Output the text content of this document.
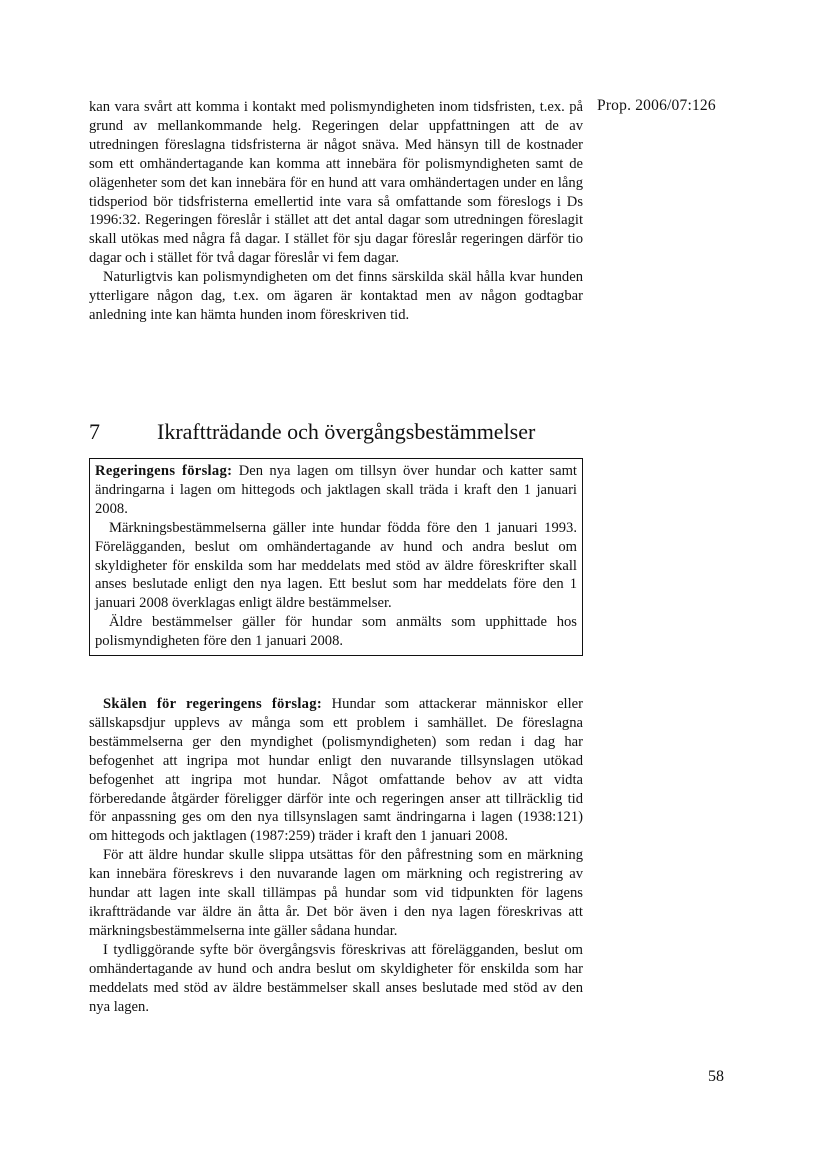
Prop. 2006/07:126

kan vara svårt att komma i kontakt med polismyndigheten inom tidsfristen, t.ex. på grund av mellankommande helg. Regeringen delar uppfattningen att de av utredningen föreslagna tidsfristerna är något snäva. Med hänsyn till de kostnader som ett omhändertagande kan komma att innebära för polismyndigheten samt de olägenheter som det kan innebära för en hund att vara omhändertagen under en lång tidsperiod bör tidsfristerna emellertid inte vara så omfattande som föreslogs i Ds 1996:32. Regeringen föreslår i stället att det antal dagar som utredningen föreslagit skall utökas med några få dagar. I stället för sju dagar föreslår regeringen därför tio dagar och i stället för två dagar föreslår vi fem dagar.

Naturligtvis kan polismyndigheten om det finns särskilda skäl hålla kvar hunden ytterligare någon dag, t.ex. om ägaren är kontaktad men av någon godtagbar anledning inte kan hämta hunden inom föreskriven tid.

7	Ikraftträdande och övergångsbestämmelser

Regeringens förslag: Den nya lagen om tillsyn över hundar och katter samt ändringarna i lagen om hittegods och jaktlagen skall träda i kraft den 1 januari 2008.

Märkningsbestämmelserna gäller inte hundar födda före den 1 januari 1993. Förelägganden, beslut om omhändertagande av hund och andra beslut om skyldigheter för enskilda som har meddelats med stöd av äldre föreskrifter skall anses beslutade enligt den nya lagen. Ett beslut som har meddelats före den 1 januari 2008 överklagas enligt äldre bestämmelser.

Äldre bestämmelser gäller för hundar som anmälts som upphittade hos polismyndigheten före den 1 januari 2008.

Skälen för regeringens förslag: Hundar som attackerar människor eller sällskapsdjur upplevs av många som ett problem i samhället. De föreslagna bestämmelserna ger den myndighet (polismyndigheten) som redan i dag har befogenhet att ingripa mot hundar enligt den nuvarande tillsynslagen utökad befogenhet att ingripa mot hundar. Något omfattande behov av att vidta förberedande åtgärder föreligger därför inte och regeringen anser att tillräcklig tid för anpassning ges om den nya tillsynslagen samt ändringarna i lagen (1938:121) om hittegods och jaktlagen (1987:259) träder i kraft den 1 januari 2008.

För att äldre hundar skulle slippa utsättas för den påfrestning som en märkning kan innebära föreskrevs i den nuvarande lagen om märkning och registrering av hundar att lagen inte skall tillämpas på hundar som vid tidpunkten för lagens ikraftträdande var äldre än åtta år. Det bör även i den nya lagen föreskrivas att märkningsbestämmelserna inte gäller sådana hundar.

I tydliggörande syfte bör övergångsvis föreskrivas att förelägganden, beslut om omhändertagande av hund och andra beslut om skyldigheter för enskilda som har meddelats med stöd av äldre bestämmelser skall anses beslutade med stöd av den nya lagen.

58
